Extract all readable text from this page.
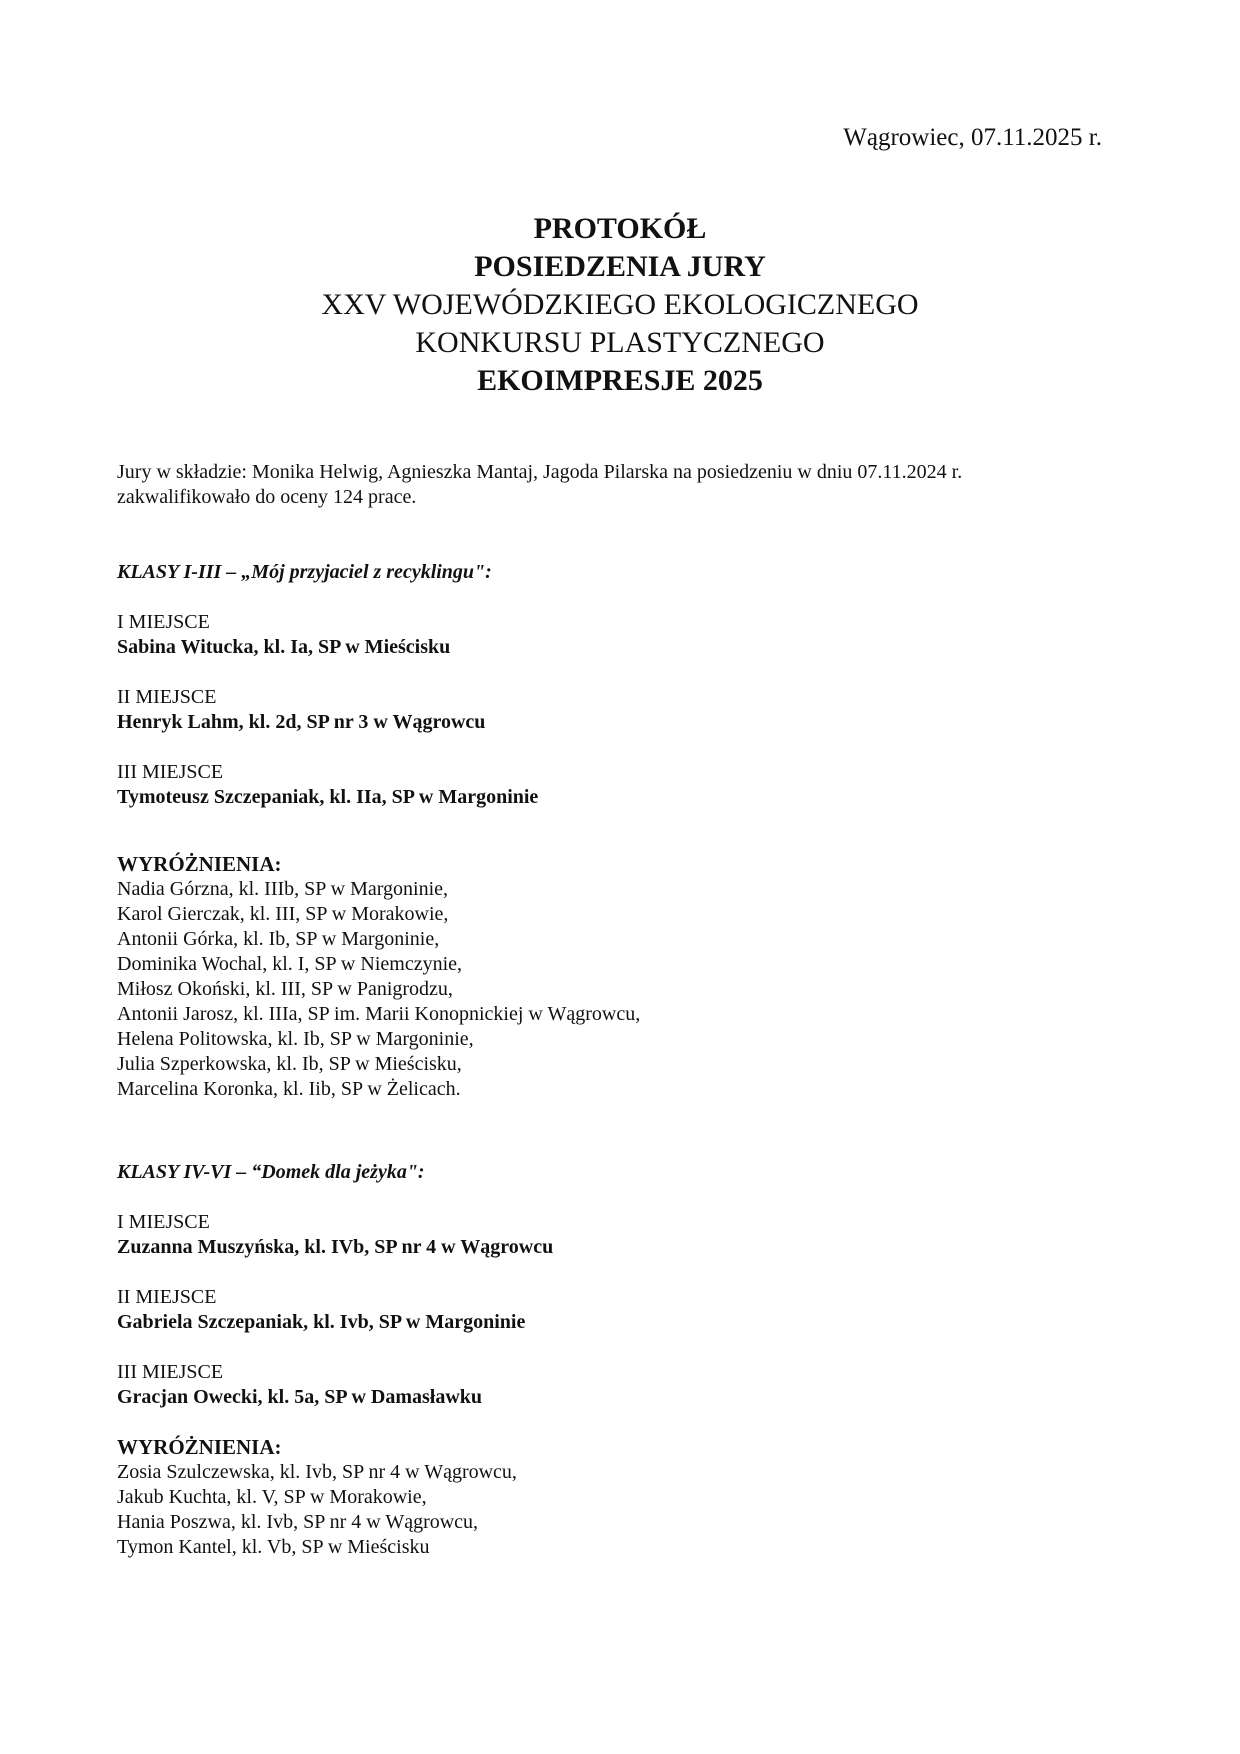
Wągrowiec, 07.11.2025 r.
PROTOKÓŁ
POSIEDZENIA JURY
XXV WOJEWÓDZKIEGO EKOLOGICZNEGO
KONKURSU PLASTYCZNEGO
EKOIMPRESJE 2025
Jury w składzie: Monika Helwig, Agnieszka Mantaj, Jagoda Pilarska na posiedzeniu w dniu 07.11.2024 r.
zakwalifikowało do oceny 124 prace.
KLASY I-III – „Mój przyjaciel z recyklingu":
I MIEJSCE
Sabina Witucka, kl. Ia, SP w Mieścisku
II MIEJSCE
Henryk Lahm, kl. 2d, SP nr 3 w Wągrowcu
III MIEJSCE
Tymoteusz Szczepaniak, kl. IIa, SP w Margoninie
WYRÓŻNIENIA:
Nadia Górzna, kl. IIIb, SP w Margoninie,
Karol Gierczak, kl. III, SP w Morakowie,
Antonii Górka, kl. Ib, SP w Margoninie,
Dominika Wochal, kl. I, SP w Niemczynie,
Miłosz Okoński, kl. III, SP w Panigrodzu,
Antonii Jarosz, kl. IIIa, SP im. Marii Konopnickiej w Wągrowcu,
Helena Politowska, kl. Ib, SP w Margoninie,
Julia Szperkowska, kl. Ib, SP w Mieścisku,
Marcelina Koronka, kl. Iib, SP w Żelicach.
KLASY IV-VI – “Domek dla jeżyka":
I MIEJSCE
Zuzanna Muszyńska, kl. IVb, SP nr 4 w Wągrowcu
II MIEJSCE
Gabriela Szczepaniak, kl. Ivb, SP w Margoninie
III MIEJSCE
Gracjan Owecki, kl. 5a, SP w Damasławku
WYRÓŻNIENIA:
Zosia Szulczewska, kl. Ivb, SP nr 4 w Wągrowcu,
Jakub Kuchta, kl. V, SP w Morakowie,
Hania Poszwa, kl. Ivb, SP nr 4 w Wągrowcu,
Tymon Kantel, kl. Vb, SP w Mieścisku
